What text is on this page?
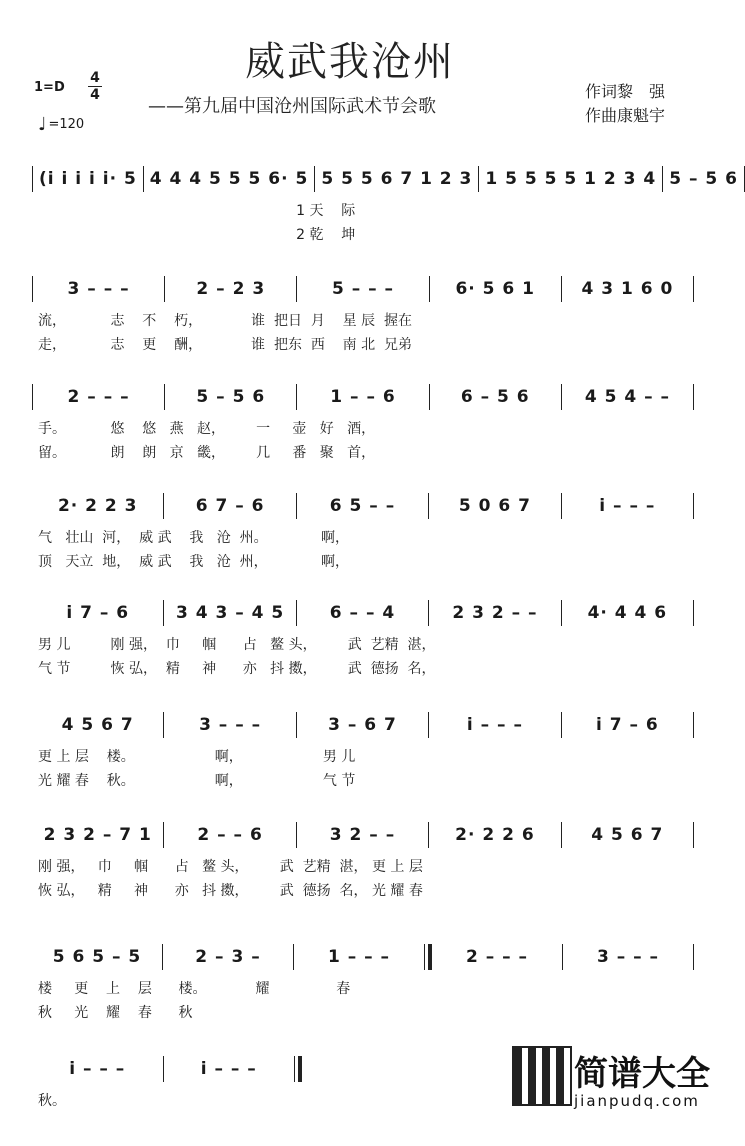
威武我沧州
——第九届中国沧州国际武术节会歌
$1=D \frac{4}{4}$
♩ =120
作词黎　强
作曲康魁宇
(i i i i i· 5 4 4 4 5 5 5 6· 5 5 5 5 6 7 1 2 3 1 5 5 5 5 1 2 3 4 5 – 5 6
1 天    际
2 乾    坤
3 – – –	2 – 2 3	5 – – –	6· 5 6 1	4 3 1 6 0
流，          志    不    朽，           谁  把日  月    星 辰  握在
走，          志    更    酬，           谁  把东  西    南 北  兄弟
2 – – –	5 – 5 6	1 – – 6	6 – 5 6	4 5 4 – –
手。          悠    悠   燕   赵，       一     壶   好   酒，
留。          朗    朗   京   畿，       几     番   聚   首，
2· 2 2 3	6 7 – 6	6 5 – –	5 0 6 7	i – – –
气   壮山  河，  威 武    我   沧  州。            啊，
顶   天立  地，  威 武    我   沧  州，            啊，
i 7 – 6	3 4 3 – 4 5	6 – – 4	2 3 2 – –	4· 4 4 6
男 儿         刚 强，  巾     帼      占   鳌 头，       武  艺精  湛，
气 节         恢 弘，  精     神      亦   抖 擞，       武  德扬  名，
4 5 6 7	3 – – –	3 – 6 7	i – – –	i 7 – 6
更 上 层    楼。                  啊，                  男 儿
光 耀 春    秋。                  啊，                  气 节
2 3 2 – 7 1	2 – – 6	3 2 – –	2· 2 2 6	4 5 6 7
刚 强，   巾     帼      占   鳌 头，       武  艺精  湛， 更 上 层
恢 弘，   精     神      亦   抖 擞，       武  德扬  名， 光 耀 春
5 6 5 – 5	2 – 3 –	1 – – –	2 – – –	3 – – –
楼     更    上    层      楼。           耀               春
秋     光    耀    春      秋
i – – –	i – – –
秋。
简谱大全
jianpudq.com
